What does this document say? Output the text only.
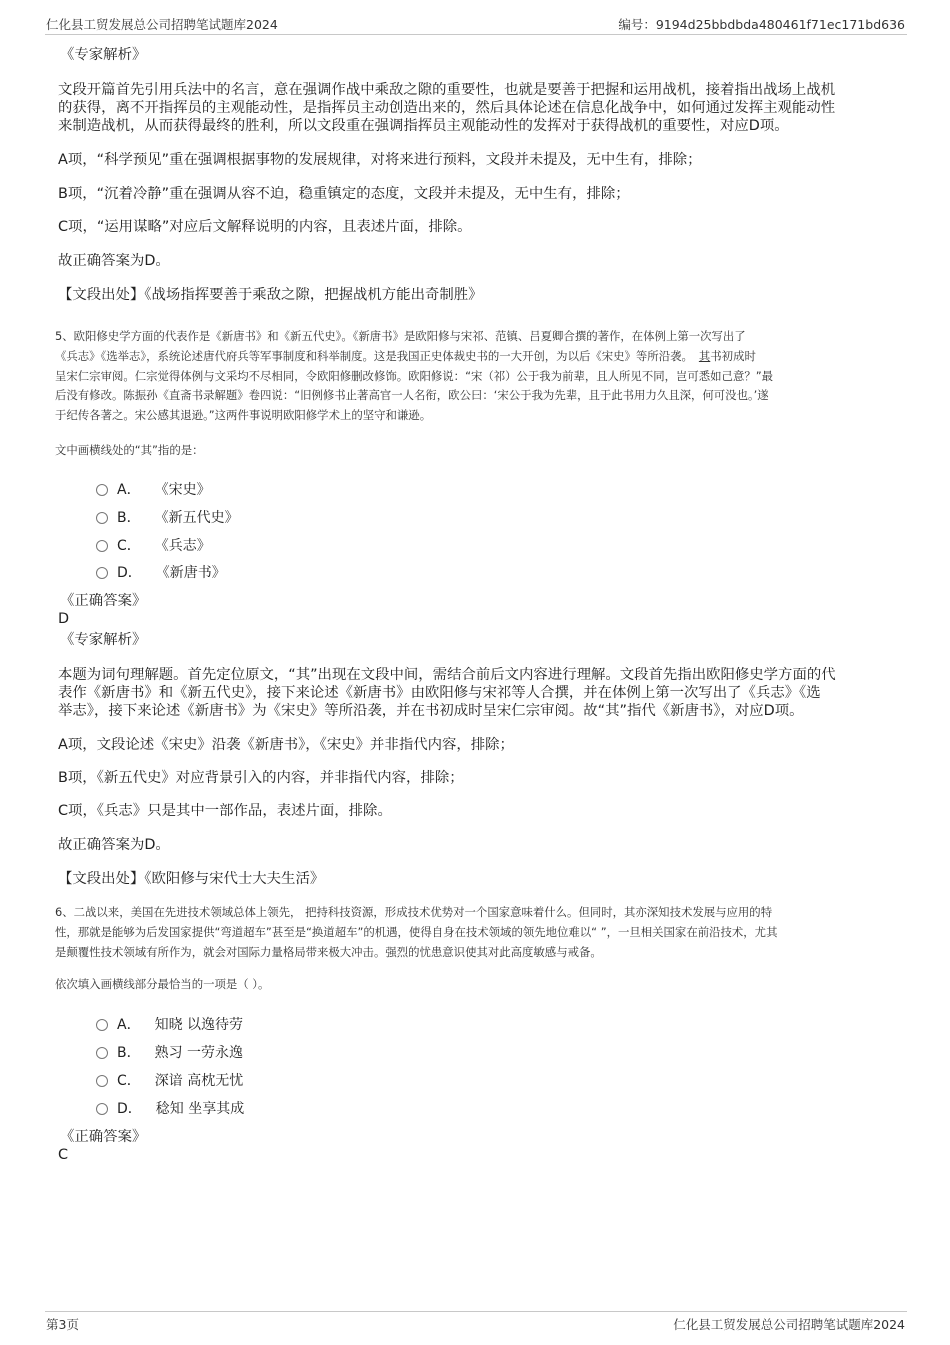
仁化县工贸发展总公司招聘笔试题库2024	编号：9194d25bbdbda480461f71ec171bd636
《专家解析》
文段开篇首先引用兵法中的名言，意在强调作战中乘敌之隙的重要性，也就是要善于把握和运用战机，接着指出战场上战机
的获得，离不开指挥员的主观能动性，是指挥员主动创造出来的，然后具体论述在信息化战争中，如何通过发挥主观能动性
来制造战机，从而获得最终的胜利，所以文段重在强调指挥员主观能动性的发挥对于获得战机的重要性，对应D项。
A项，“科学预见”重在强调根据事物的发展规律，对将来进行预料，文段并未提及，无中生有，排除；
B项，“沉着冷静”重在强调从容不迫，稳重镇定的态度，文段并未提及，无中生有，排除；
C项，“运用谋略”对应后文解释说明的内容，且表述片面，排除。
故正确答案为D。
【文段出处】《战场指挥要善于乘敌之隙，把握战机方能出奇制胜》
5、欧阳修史学方面的代表作是《新唐书》和《新五代史》。《新唐书》是欧阳修与宋祁、范镇、吕夏卿合撰的著作，在体例上第一次写出了
《兵志》《选举志》，系统论述唐代府兵等军事制度和科举制度。这是我国正史体裁史书的一大开创，为以后《宋史》等所沿袭。 其书初成时
呈宋仁宗审阅。仁宗觉得体例与文采均不尽相同，令欧阳修删改修饰。欧阳修说：“宋（祁）公于我为前辈，且人所见不同，岂可悉如己意？”最
后没有修改。陈振孙《直斋书录解题》卷四说：“旧例修书止著高官一人名衔，欧公曰：‘宋公于我为先辈，且于此书用力久且深，何可没也。’遂
于纪传各著之。宋公感其退逊。”这两件事说明欧阳修学术上的坚守和谦逊。
文中画横线处的“其”指的是：
A． 《宋史》
B． 《新五代史》
C． 《兵志》
D． 《新唐书》
《正确答案》
D
《专家解析》
本题为词句理解题。首先定位原文，“其”出现在文段中间，需结合前后文内容进行理解。文段首先指出欧阳修史学方面的代
表作《新唐书》和《新五代史》，接下来论述《新唐书》由欧阳修与宋祁等人合撰，并在体例上第一次写出了《兵志》《选
举志》，接下来论述《新唐书》为《宋史》等所沿袭，并在书初成时呈宋仁宗审阅。故“其”指代《新唐书》，对应D项。
A项，文段论述《宋史》沿袭《新唐书》，《宋史》并非指代内容，排除；
B项，《新五代史》对应背景引入的内容，并非指代内容，排除；
C项，《兵志》只是其中一部作品，表述片面，排除。
故正确答案为D。
【文段出处】《欧阳修与宋代士大夫生活》
6、二战以来，美国在先进技术领域总体上领先， 把持科技资源，形成技术优势对一个国家意味着什么。但同时，其亦深知技术发展与应用的特
性，那就是能够为后发国家提供“弯道超车”甚至是“换道超车”的机遇，使得自身在技术领域的领先地位难以“ ”，一旦相关国家在前沿技术，尤其
是颠覆性技术领域有所作为，就会对国际力量格局带来极大冲击。强烈的忧患意识使其对此高度敏感与戒备。
依次填入画横线部分最恰当的一项是（ ）。
A． 知晓 以逸待劳
B． 熟习 一劳永逸
C． 深谙 高枕无忧
D． 稔知 坐享其成
《正确答案》
C
第3页	仁化县工贸发展总公司招聘笔试题库2024
